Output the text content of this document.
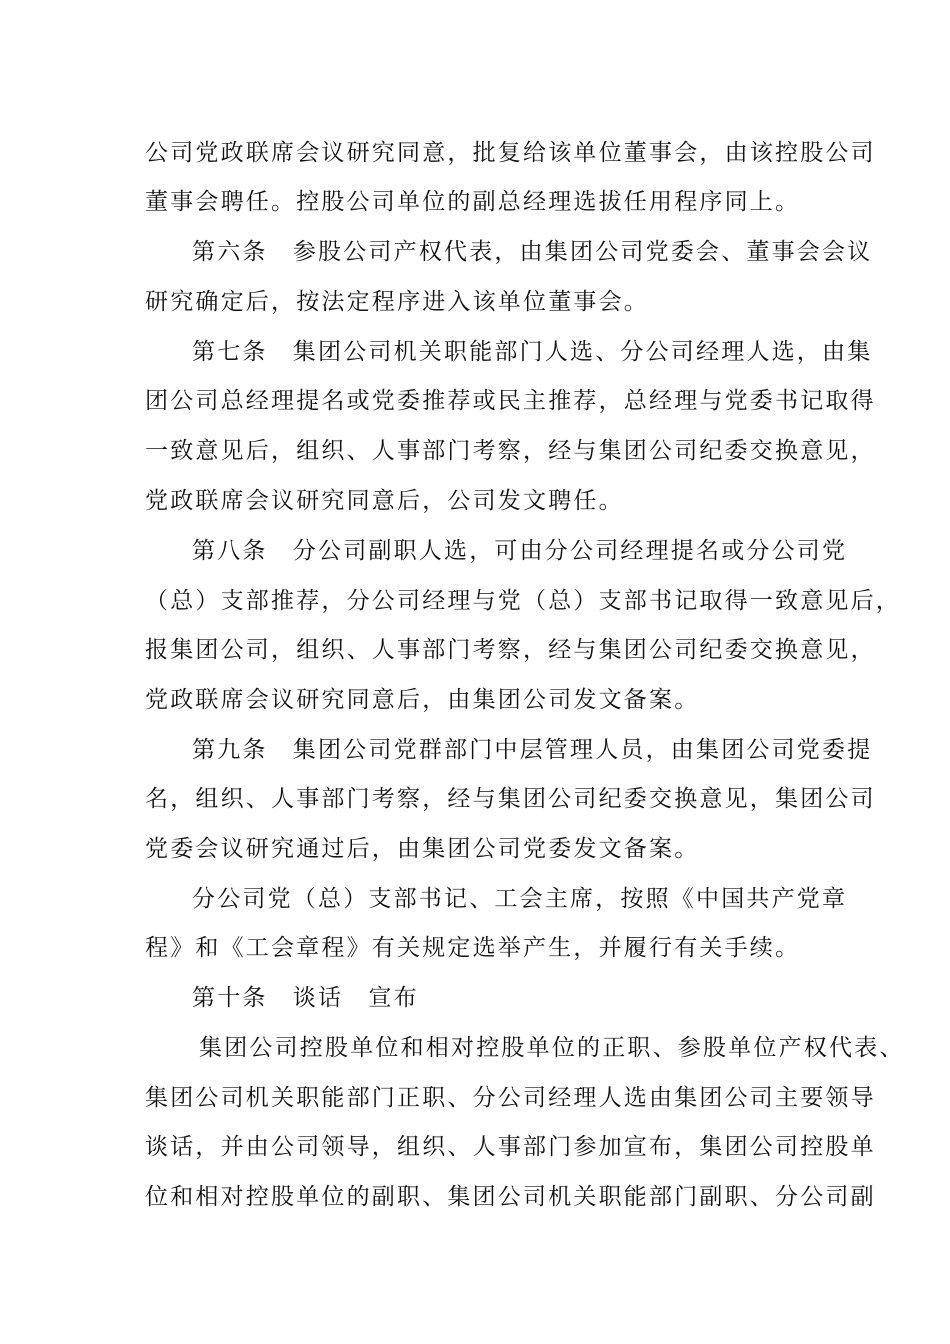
公司党政联席会议研究同意，批复给该单位董事会，由该控股公司
董事会聘任。控股公司单位的副总经理选拔任用程序同上。
第六条　参股公司产权代表，由集团公司党委会、董事会会议
研究确定后，按法定程序进入该单位董事会。
第七条　集团公司机关职能部门人选、分公司经理人选，由集
团公司总经理提名或党委推荐或民主推荐，总经理与党委书记取得
一致意见后，组织、人事部门考察，经与集团公司纪委交换意见，
党政联席会议研究同意后，公司发文聘任。
第八条　分公司副职人选，可由分公司经理提名或分公司党
（总）支部推荐，分公司经理与党（总）支部书记取得一致意见后，
报集团公司，组织、人事部门考察，经与集团公司纪委交换意见，
党政联席会议研究同意后，由集团公司发文备案。
第九条　集团公司党群部门中层管理人员，由集团公司党委提
名，组织、人事部门考察，经与集团公司纪委交换意见，集团公司
党委会议研究通过后，由集团公司党委发文备案。
分公司党（总）支部书记、工会主席，按照《中国共产党章
程》和《工会章程》有关规定选举产生，并履行有关手续。
第十条　谈话　宣布
集团公司控股单位和相对控股单位的正职、参股单位产权代表、
集团公司机关职能部门正职、分公司经理人选由集团公司主要领导
谈话，并由公司领导，组织、人事部门参加宣布，集团公司控股单
位和相对控股单位的副职、集团公司机关职能部门副职、分公司副
